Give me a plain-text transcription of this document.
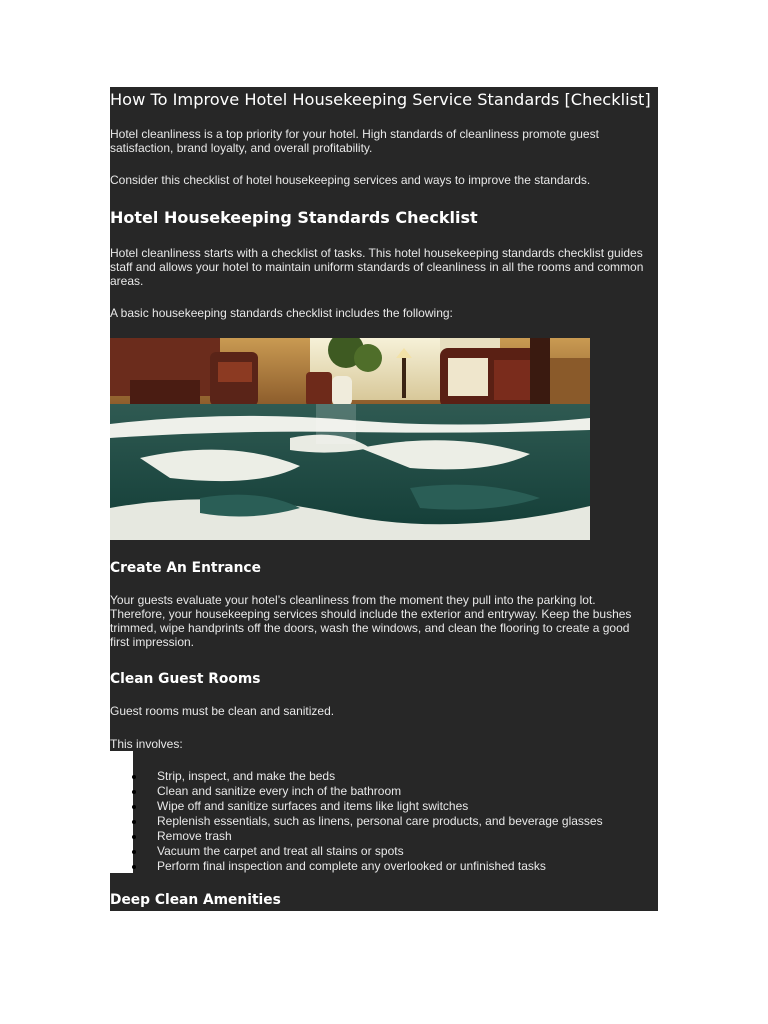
How To Improve Hotel Housekeeping Service Standards [Checklist]

Hotel cleanliness is a top priority for your hotel. High standards of cleanliness promote guest satisfaction, brand loyalty, and overall profitability.

Consider this checklist of hotel housekeeping services and ways to improve the standards.

Hotel Housekeeping Standards Checklist

Hotel cleanliness starts with a checklist of tasks. This hotel housekeeping standards checklist guides staff and allows your hotel to maintain uniform standards of cleanliness in all the rooms and common areas.

A basic housekeeping standards checklist includes the following:

Create An Entrance

Your guests evaluate your hotel’s cleanliness from the moment they pull into the parking lot. Therefore, your housekeeping services should include the exterior and entryway. Keep the bushes trimmed, wipe handprints off the doors, wash the windows, and clean the flooring to create a good first impression.

Clean Guest Rooms

Guest rooms must be clean and sanitized.

This involves:

Strip, inspect, and make the beds
Clean and sanitize every inch of the bathroom
Wipe off and sanitize surfaces and items like light switches
Replenish essentials, such as linens, personal care products, and beverage glasses
Remove trash
Vacuum the carpet and treat all stains or spots
Perform final inspection and complete any overlooked or unfinished tasks
Deep Clean Amenities
